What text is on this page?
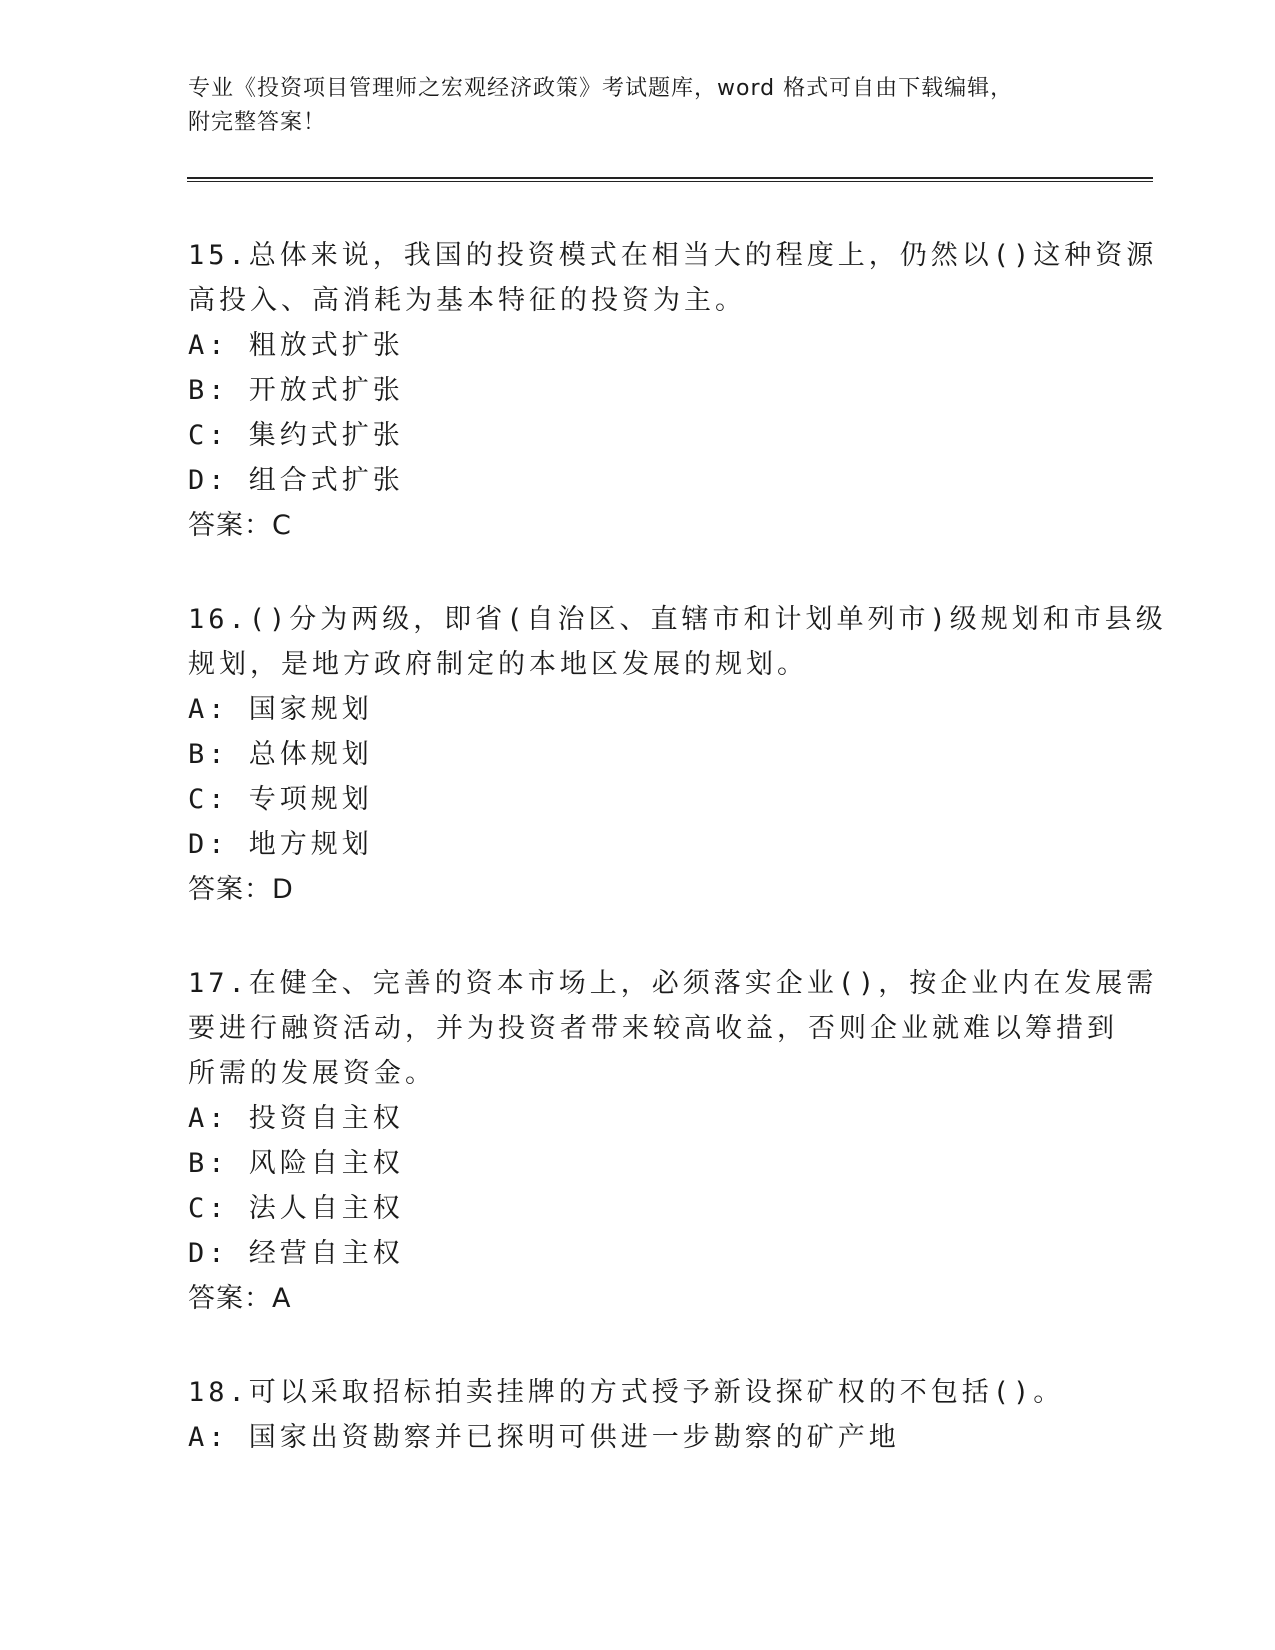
专业《投资项目管理师之宏观经济政策》考试题库，word 格式可自由下载编辑，
附完整答案！
15.总体来说，我国的投资模式在相当大的程度上，仍然以()这种资源
高投入、高消耗为基本特征的投资为主。
A: 粗放式扩张
B: 开放式扩张
C: 集约式扩张
D: 组合式扩张
答案：C
16.()分为两级，即省(自治区、直辖市和计划单列市)级规划和市县级
规划，是地方政府制定的本地区发展的规划。
A: 国家规划
B: 总体规划
C: 专项规划
D: 地方规划
答案：D
17.在健全、完善的资本市场上，必须落实企业()，按企业内在发展需
要进行融资活动，并为投资者带来较高收益，否则企业就难以筹措到
所需的发展资金。
A: 投资自主权
B: 风险自主权
C: 法人自主权
D: 经营自主权
答案：A
18.可以采取招标拍卖挂牌的方式授予新设探矿权的不包括()。
A: 国家出资勘察并已探明可供进一步勘察的矿产地
